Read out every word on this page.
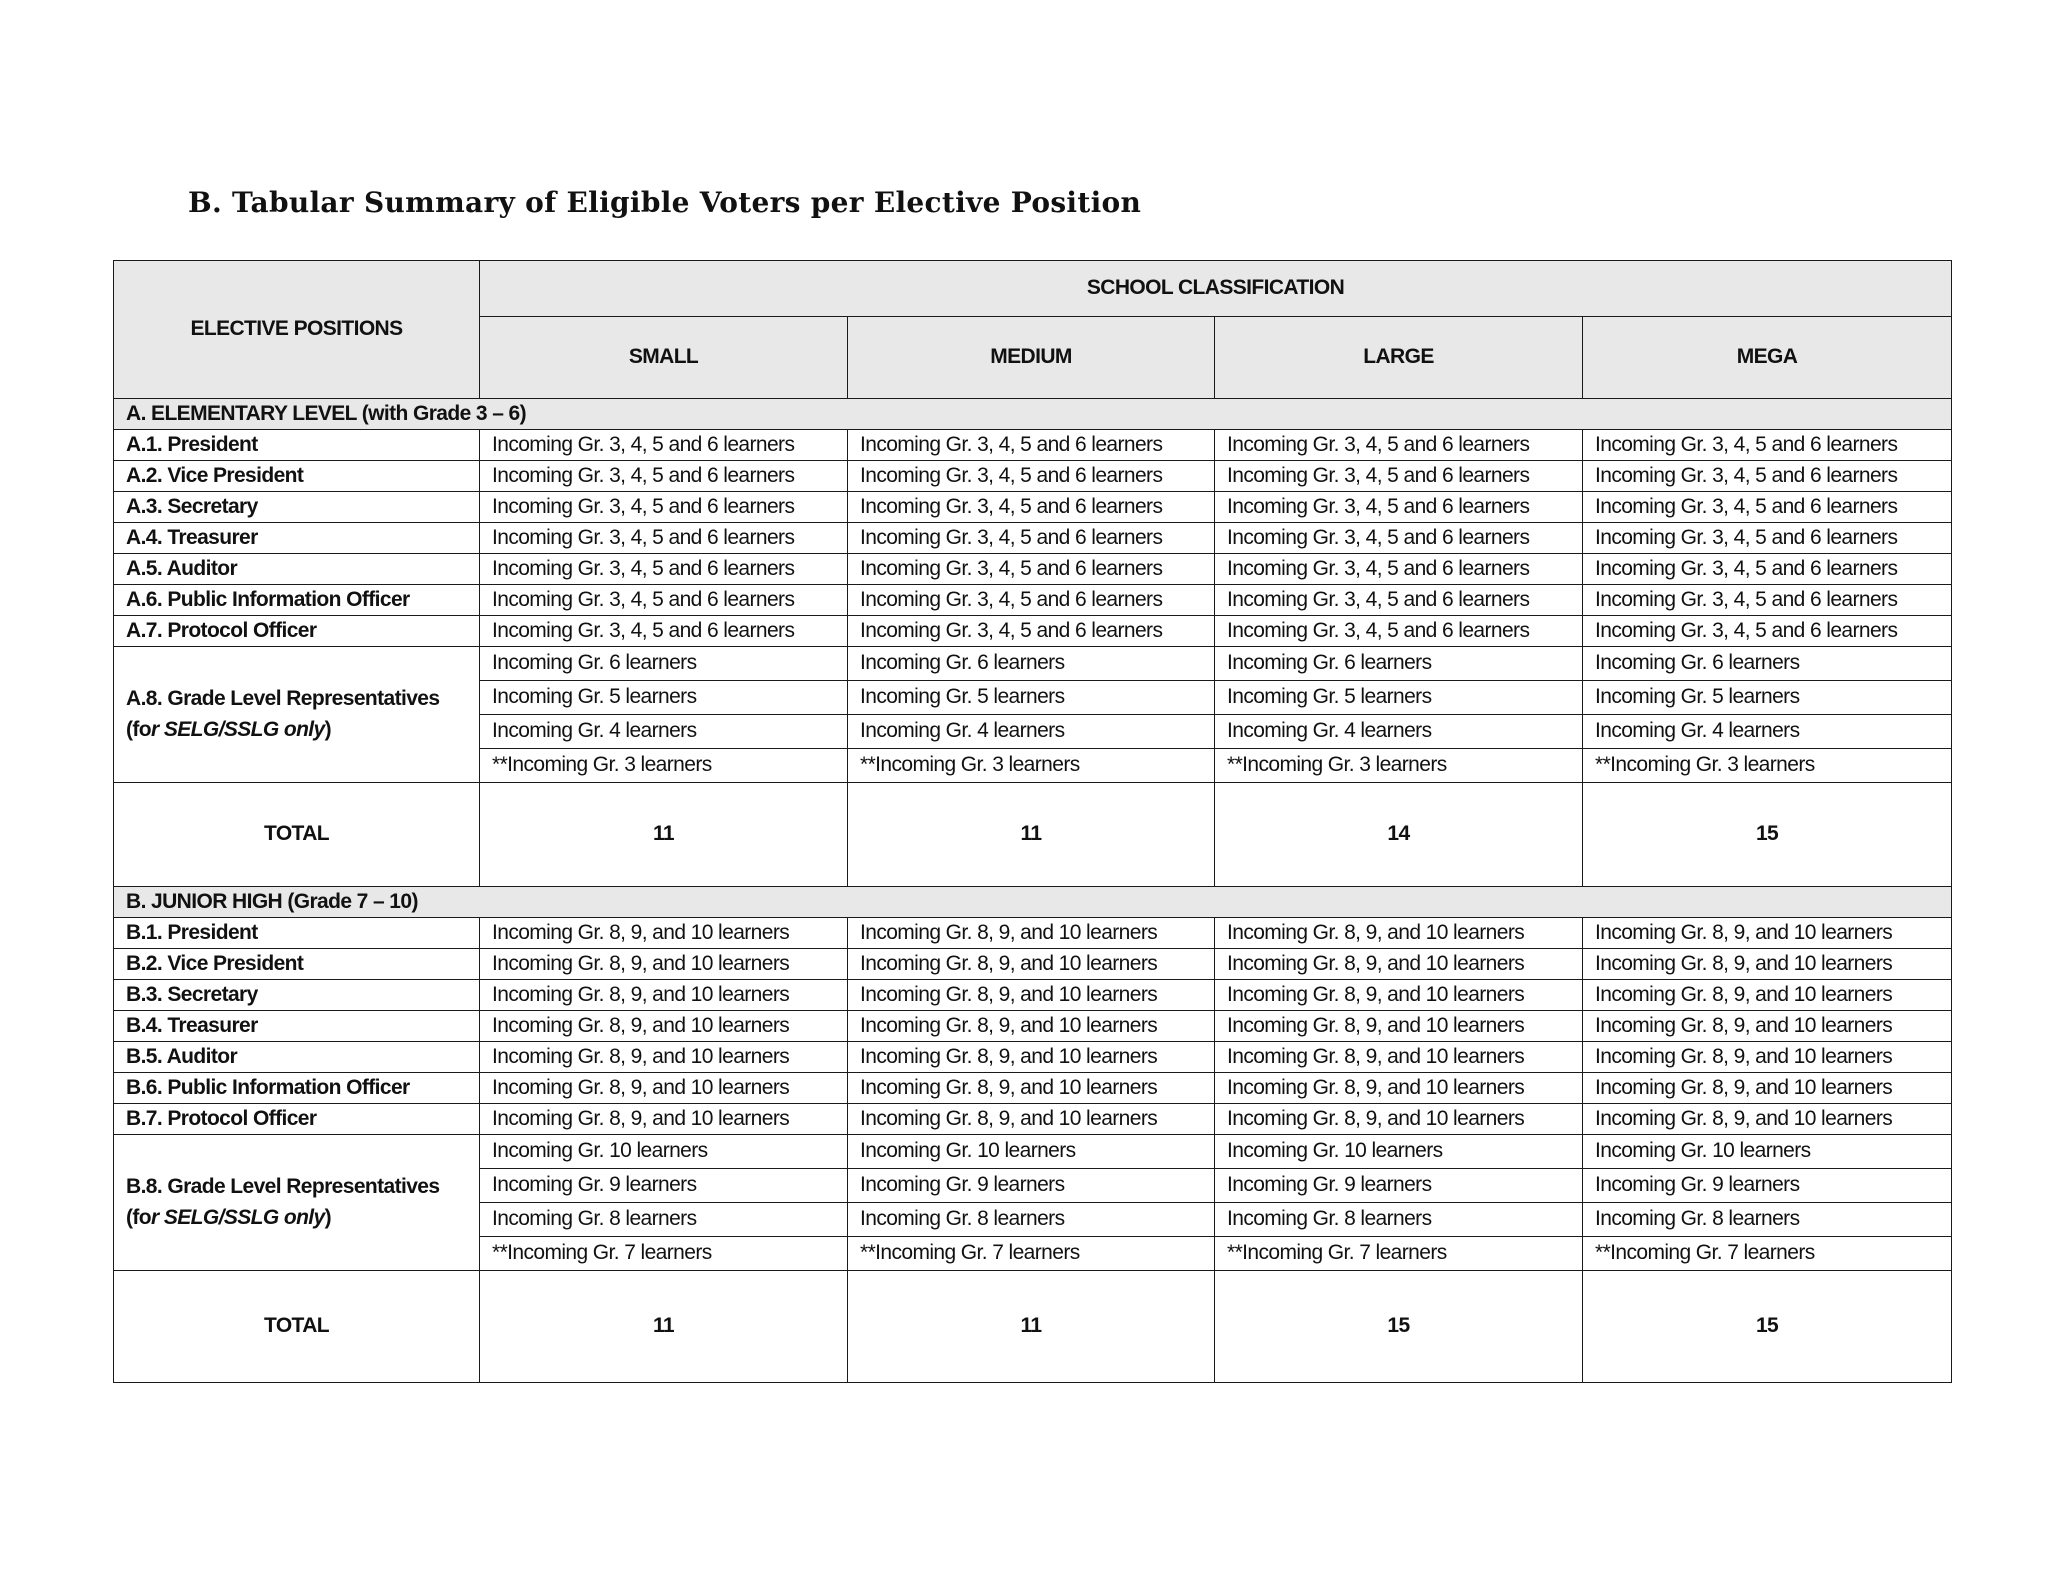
B. Tabular Summary of Eligible Voters per Elective Position
ELECTIVE POSITIONS	SCHOOL CLASSIFICATION			
	SMALL	MEDIUM	LARGE	MEGA
A. ELEMENTARY LEVEL (with Grade 3 – 6)				
A.1. President	Incoming Gr. 3, 4, 5 and 6 learners	Incoming Gr. 3, 4, 5 and 6 learners	Incoming Gr. 3, 4, 5 and 6 learners	Incoming Gr. 3, 4, 5 and 6 learners
A.2. Vice President	Incoming Gr. 3, 4, 5 and 6 learners	Incoming Gr. 3, 4, 5 and 6 learners	Incoming Gr. 3, 4, 5 and 6 learners	Incoming Gr. 3, 4, 5 and 6 learners
A.3. Secretary	Incoming Gr. 3, 4, 5 and 6 learners	Incoming Gr. 3, 4, 5 and 6 learners	Incoming Gr. 3, 4, 5 and 6 learners	Incoming Gr. 3, 4, 5 and 6 learners
A.4. Treasurer	Incoming Gr. 3, 4, 5 and 6 learners	Incoming Gr. 3, 4, 5 and 6 learners	Incoming Gr. 3, 4, 5 and 6 learners	Incoming Gr. 3, 4, 5 and 6 learners
A.5. Auditor	Incoming Gr. 3, 4, 5 and 6 learners	Incoming Gr. 3, 4, 5 and 6 learners	Incoming Gr. 3, 4, 5 and 6 learners	Incoming Gr. 3, 4, 5 and 6 learners
A.6. Public Information Officer	Incoming Gr. 3, 4, 5 and 6 learners	Incoming Gr. 3, 4, 5 and 6 learners	Incoming Gr. 3, 4, 5 and 6 learners	Incoming Gr. 3, 4, 5 and 6 learners
A.7. Protocol Officer	Incoming Gr. 3, 4, 5 and 6 learners	Incoming Gr. 3, 4, 5 and 6 learners	Incoming Gr. 3, 4, 5 and 6 learners	Incoming Gr. 3, 4, 5 and 6 learners
A.8. Grade Level Representatives
(for SELG/SSLG only)	Incoming Gr. 6 learners	Incoming Gr. 6 learners	Incoming Gr. 6 learners	Incoming Gr. 6 learners
	Incoming Gr. 5 learners	Incoming Gr. 5 learners	Incoming Gr. 5 learners	Incoming Gr. 5 learners
	Incoming Gr. 4 learners	Incoming Gr. 4 learners	Incoming Gr. 4 learners	Incoming Gr. 4 learners
	**Incoming Gr. 3 learners	**Incoming Gr. 3 learners	**Incoming Gr. 3 learners	**Incoming Gr. 3 learners
TOTAL	11	11	14	15
B. JUNIOR HIGH (Grade 7 – 10)				
B.1. President	Incoming Gr. 8, 9, and 10 learners	Incoming Gr. 8, 9, and 10 learners	Incoming Gr. 8, 9, and 10 learners	Incoming Gr. 8, 9, and 10 learners
B.2. Vice President	Incoming Gr. 8, 9, and 10 learners	Incoming Gr. 8, 9, and 10 learners	Incoming Gr. 8, 9, and 10 learners	Incoming Gr. 8, 9, and 10 learners
B.3. Secretary	Incoming Gr. 8, 9, and 10 learners	Incoming Gr. 8, 9, and 10 learners	Incoming Gr. 8, 9, and 10 learners	Incoming Gr. 8, 9, and 10 learners
B.4. Treasurer	Incoming Gr. 8, 9, and 10 learners	Incoming Gr. 8, 9, and 10 learners	Incoming Gr. 8, 9, and 10 learners	Incoming Gr. 8, 9, and 10 learners
B.5. Auditor	Incoming Gr. 8, 9, and 10 learners	Incoming Gr. 8, 9, and 10 learners	Incoming Gr. 8, 9, and 10 learners	Incoming Gr. 8, 9, and 10 learners
B.6. Public Information Officer	Incoming Gr. 8, 9, and 10 learners	Incoming Gr. 8, 9, and 10 learners	Incoming Gr. 8, 9, and 10 learners	Incoming Gr. 8, 9, and 10 learners
B.7. Protocol Officer	Incoming Gr. 8, 9, and 10 learners	Incoming Gr. 8, 9, and 10 learners	Incoming Gr. 8, 9, and 10 learners	Incoming Gr. 8, 9, and 10 learners
B.8. Grade Level Representatives
(for SELG/SSLG only)	Incoming Gr. 10 learners	Incoming Gr. 10 learners	Incoming Gr. 10 learners	Incoming Gr. 10 learners
	Incoming Gr. 9 learners	Incoming Gr. 9 learners	Incoming Gr. 9 learners	Incoming Gr. 9 learners
	Incoming Gr. 8 learners	Incoming Gr. 8 learners	Incoming Gr. 8 learners	Incoming Gr. 8 learners
	**Incoming Gr. 7 learners	**Incoming Gr. 7 learners	**Incoming Gr. 7 learners	**Incoming Gr. 7 learners
TOTAL	11	11	15	15
